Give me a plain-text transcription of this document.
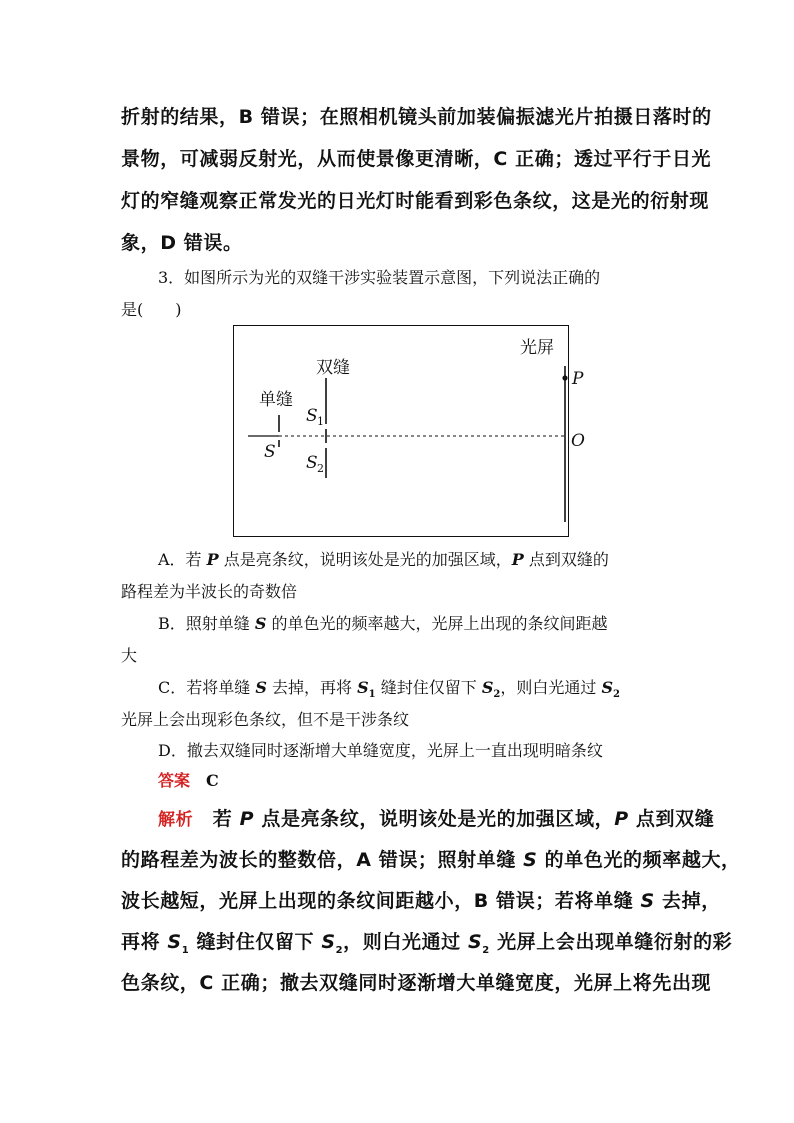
折射的结果，B 错误；在照相机镜头前加装偏振滤光片拍摄日落时的
景物，可减弱反射光，从而使景像更清晰，C 正确；透过平行于日光
灯的窄缝观察正常发光的日光灯时能看到彩色条纹，这是光的衍射现
象，D 错误。
3．如图所示为光的双缝干涉实验装置示意图，下列说法正确的
是(　　)
光屏
双缝
单缝
P
O
S
S 1
S 2
A．若 P 点是亮条纹，说明该处是光的加强区域，P 点到双缝的
路程差为半波长的奇数倍
B．照射单缝 S 的单色光的频率越大，光屏上出现的条纹间距越
大
C．若将单缝 S 去掉，再将 $S_1$ 缝封住仅留下 $S_2$，则白光通过 $S_2$
光屏上会出现彩色条纹，但不是干涉条纹
D．撤去双缝同时逐渐增大单缝宽度，光屏上一直出现明暗条纹
答案　 C
解析　若 P 点是亮条纹，说明该处是光的加强区域，P 点到双缝
的路程差为波长的整数倍，A 错误；照射单缝 S 的单色光的频率越大，
波长越短，光屏上出现的条纹间距越小，B 错误；若将单缝 S 去掉，
再将 $S_1$ 缝封住仅留下 $S_2$，则白光通过 $S_2$ 光屏上会出现单缝衍射的彩
色条纹，C 正确；撤去双缝同时逐渐增大单缝宽度，光屏上将先出现
